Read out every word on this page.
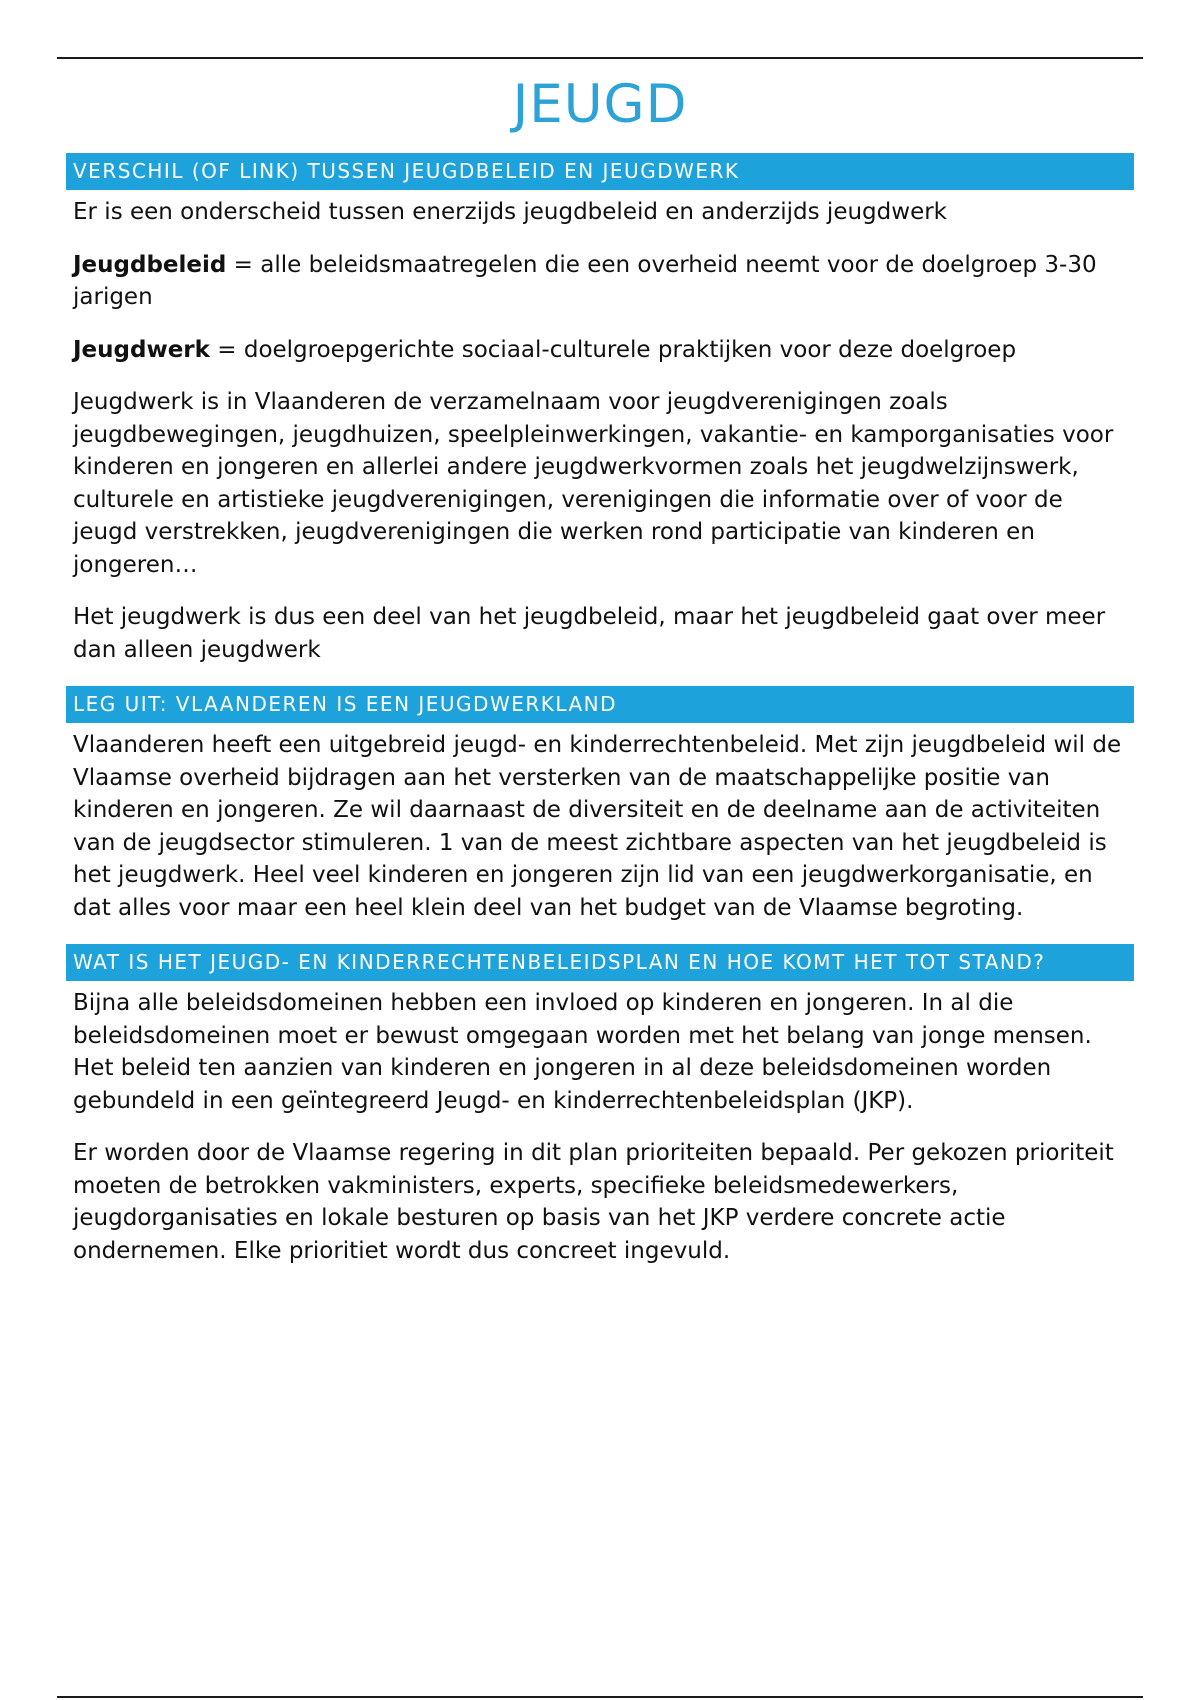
JEUGD
VERSCHIL (OF LINK) TUSSEN JEUGDBELEID EN JEUGDWERK

Er is een onderscheid tussen enerzijds jeugdbeleid en anderzijds jeugdwerk

Jeugdbeleid = alle beleidsmaatregelen die een overheid neemt voor de doelgroep 3-30 jarigen

Jeugdwerk = doelgroepgerichte sociaal-culturele praktijken voor deze doelgroep

Jeugdwerk is in Vlaanderen de verzamelnaam voor jeugdverenigingen zoals jeugdbewegingen, jeugdhuizen, speelpleinwerkingen, vakantie- en kamporganisaties voor kinderen en jongeren en allerlei andere jeugdwerkvormen zoals het jeugdwelzijnswerk, culturele en artistieke jeugdverenigingen, verenigingen die informatie over of voor de jeugd verstrekken, jeugdverenigingen die werken rond participatie van kinderen en jongeren…

Het jeugdwerk is dus een deel van het jeugdbeleid, maar het jeugdbeleid gaat over meer dan alleen jeugdwerk

LEG UIT: VLAANDEREN IS EEN JEUGDWERKLAND

Vlaanderen heeft een uitgebreid jeugd- en kinderrechtenbeleid. Met zijn jeugdbeleid wil de Vlaamse overheid bijdragen aan het versterken van de maatschappelijke positie van kinderen en jongeren. Ze wil daarnaast de diversiteit en de deelname aan de activiteiten van de jeugdsector stimuleren. 1 van de meest zichtbare aspecten van het jeugdbeleid is het jeugdwerk. Heel veel kinderen en jongeren zijn lid van een jeugdwerkorganisatie, en dat alles voor maar een heel klein deel van het budget van de Vlaamse begroting.

WAT IS HET JEUGD- EN KINDERRECHTENBELEIDSPLAN EN HOE KOMT HET TOT STAND?

Bijna alle beleidsdomeinen hebben een invloed op kinderen en jongeren. In al die beleidsdomeinen moet er bewust omgegaan worden met het belang van jonge mensen. Het beleid ten aanzien van kinderen en jongeren in al deze beleidsdomeinen worden gebundeld in een geïntegreerd Jeugd- en kinderrechtenbeleidsplan (JKP).

Er worden door de Vlaamse regering in dit plan prioriteiten bepaald. Per gekozen prioriteit moeten de betrokken vakministers, experts, specifieke beleidsmedewerkers, jeugdorganisaties en lokale besturen op basis van het JKP verdere concrete actie ondernemen. Elke prioritiet wordt dus concreet ingevuld.
